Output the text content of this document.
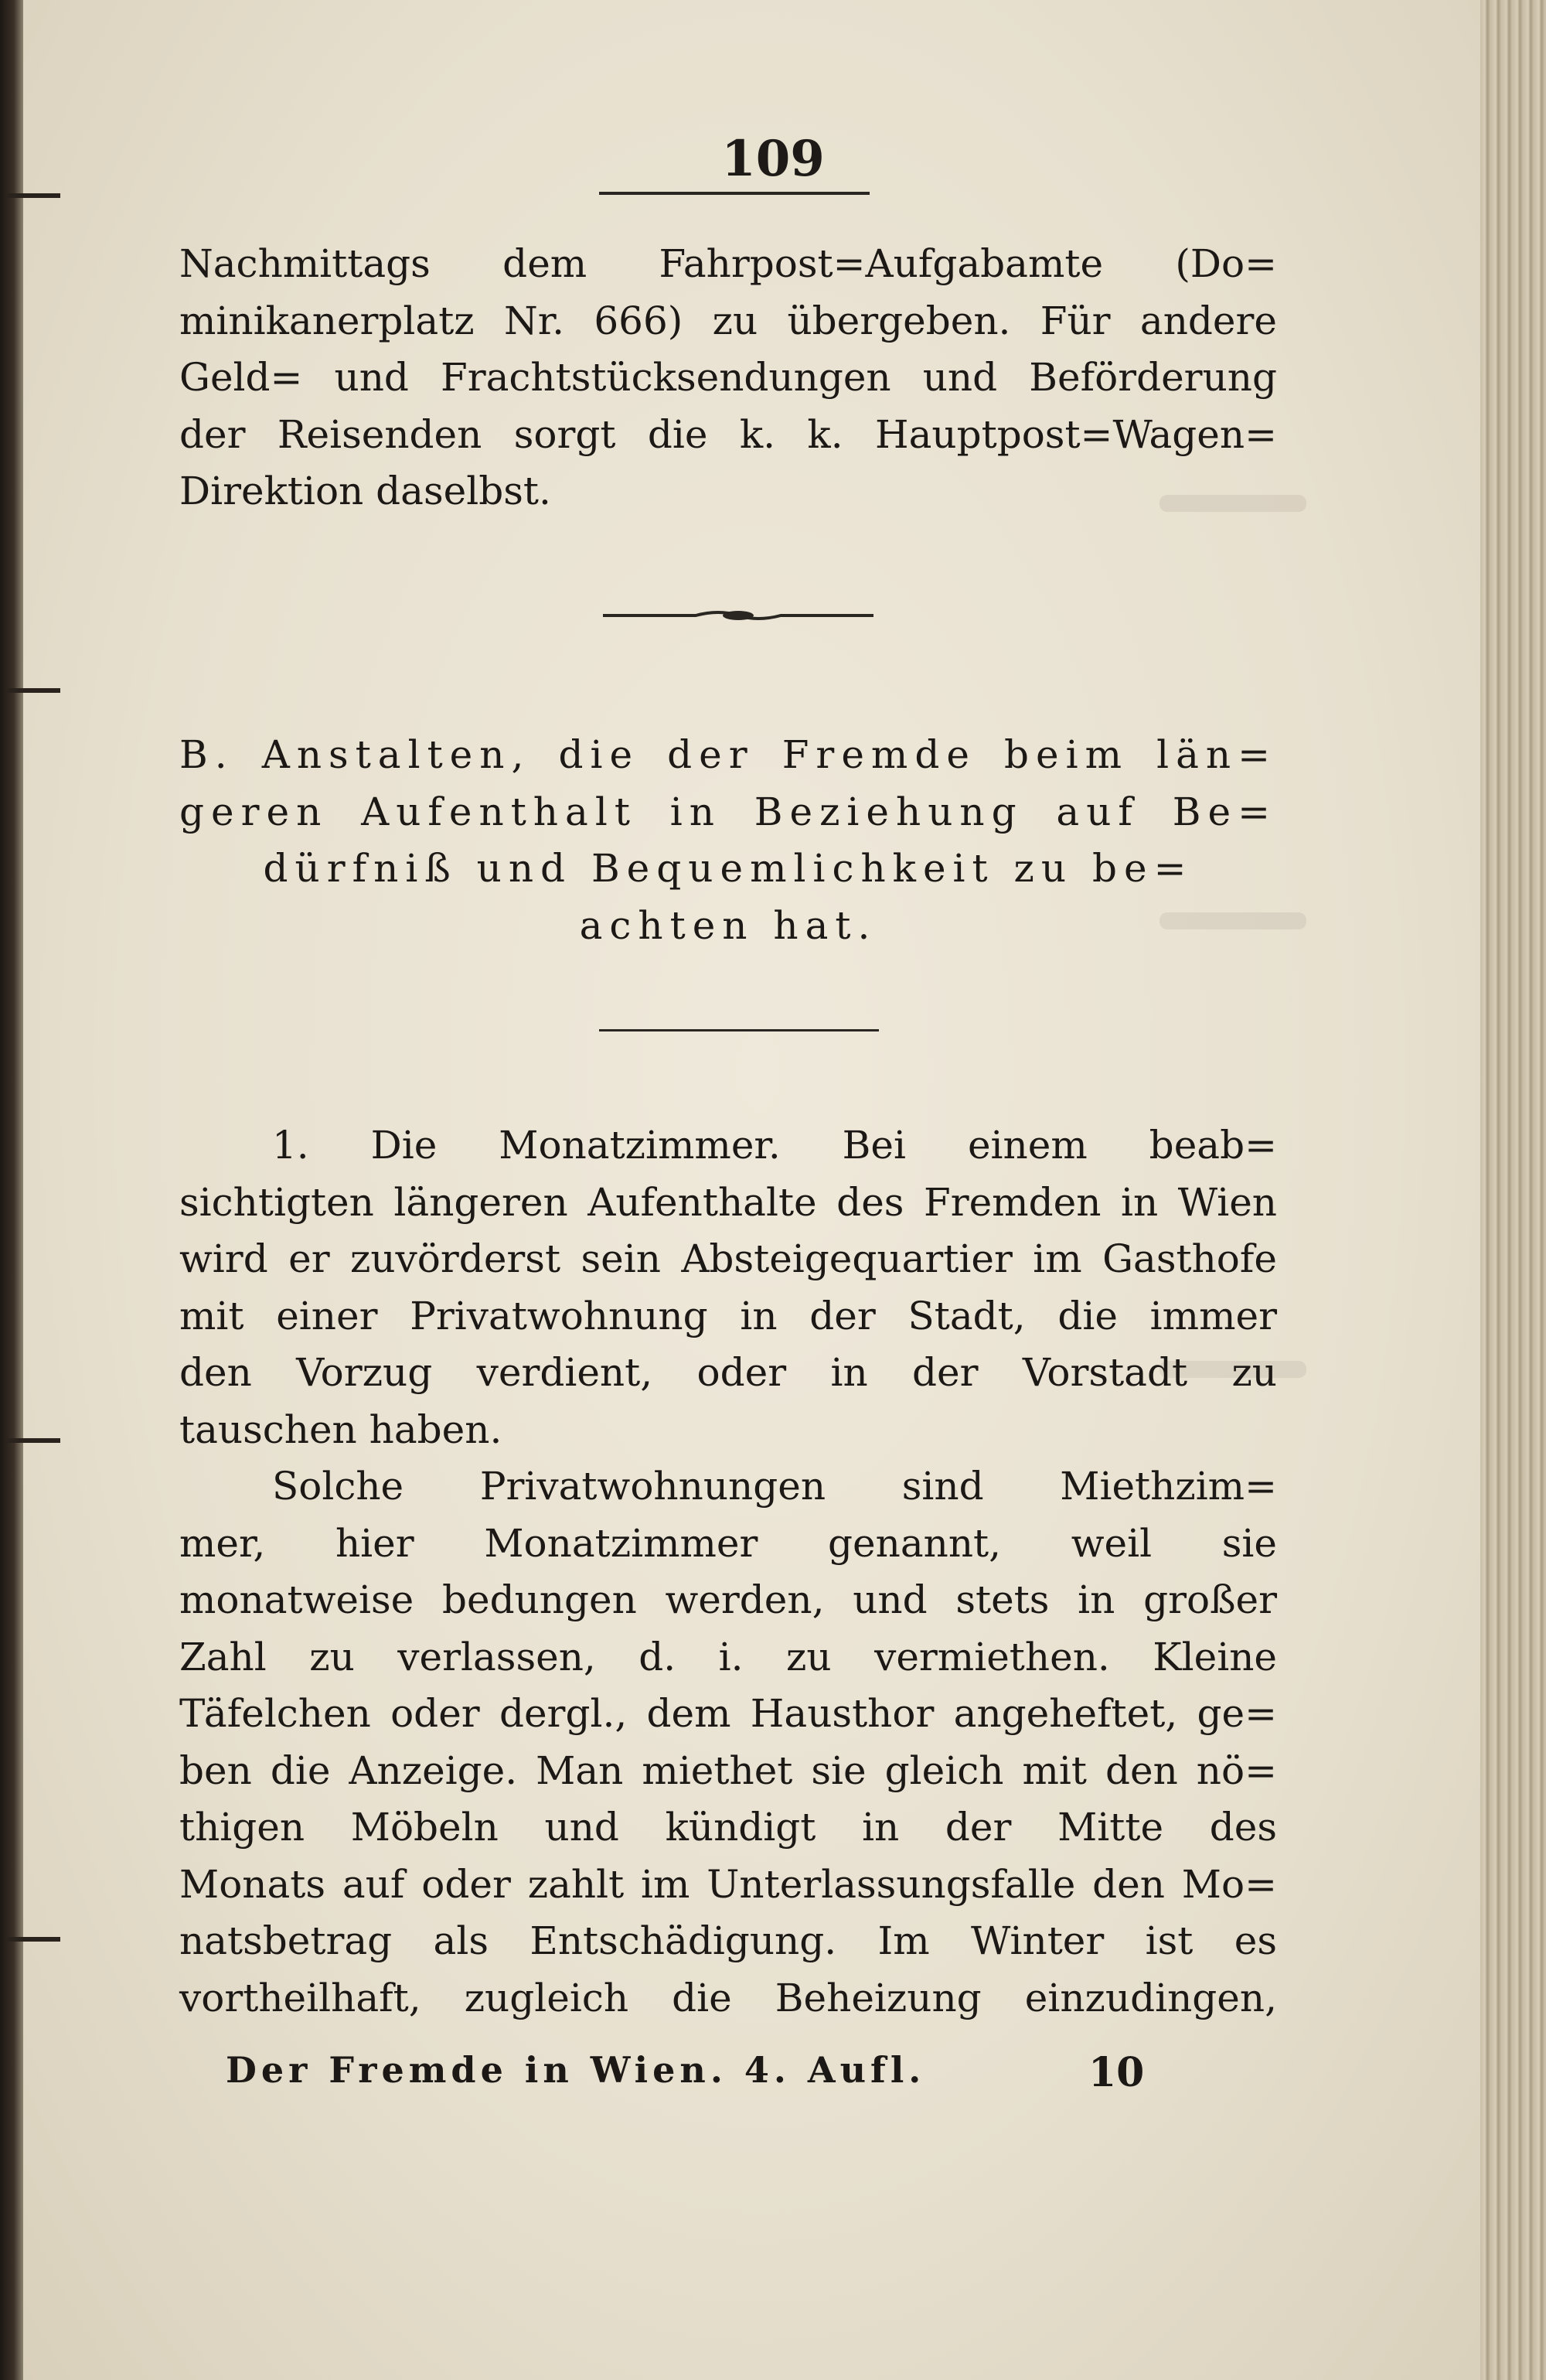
109
Nachmittags dem Fahrpost=Aufgabamte (Do=
minikanerplatz Nr. 666) zu übergeben. Für andere
Geld= und Frachtstücksendungen und Beförderung
der Reisenden sorgt die k. k. Hauptpost=Wagen=
Direktion daselbst.
B. Anstalten, die der Fremde beim län=
geren Aufenthalt in Beziehung auf Be=
dürfniß und Bequemlichkeit zu be=
achten hat.
1. Die Monatzimmer. Bei einem beab=
sichtigten längeren Aufenthalte des Fremden in Wien
wird er zuvörderst sein Absteigequartier im Gasthofe
mit einer Privatwohnung in der Stadt, die immer
den Vorzug verdient, oder in der Vorstadt zu
tauschen haben.
Solche Privatwohnungen sind Miethzim=
mer, hier Monatzimmer genannt, weil sie
monatweise bedungen werden, und stets in großer
Zahl zu verlassen, d. i. zu vermiethen. Kleine
Täfelchen oder dergl., dem Hausthor angeheftet, ge=
ben die Anzeige. Man miethet sie gleich mit den nö=
thigen Möbeln und kündigt in der Mitte des
Monats auf oder zahlt im Unterlassungsfalle den Mo=
natsbetrag als Entschädigung. Im Winter ist es
vortheilhaft, zugleich die Beheizung einzudingen,
Der Fremde in Wien. 4. Aufl.	10
